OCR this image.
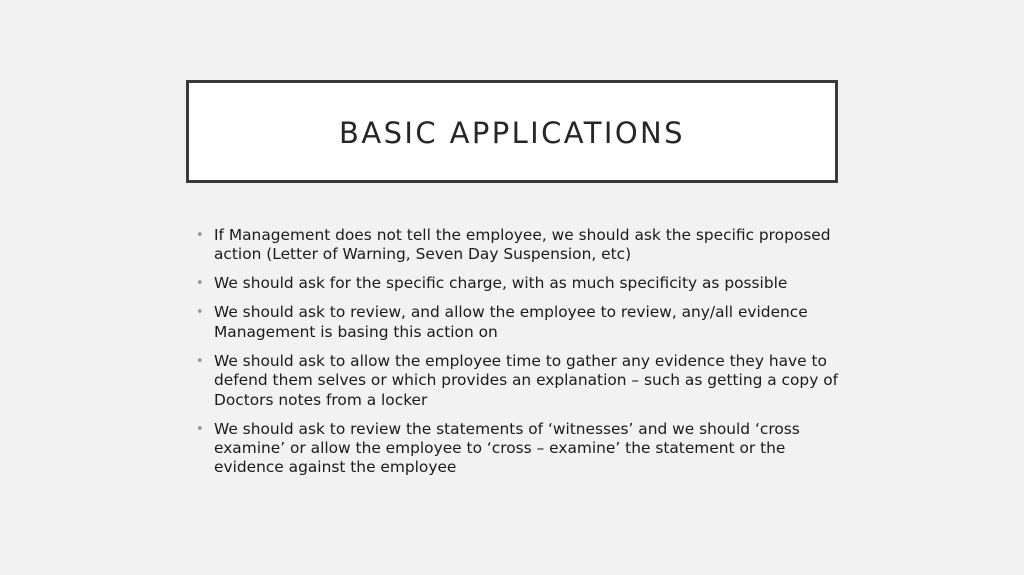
BASIC APPLICATIONS
• If Management does not tell the employee, we should ask the specific proposed action (Letter of Warning, Seven Day Suspension, etc)
• We should ask for the specific charge, with as much specificity as possible
• We should ask to review, and allow the employee to review, any/all evidence Management is basing this action on
• We should ask to allow the employee time to gather any evidence they have to defend them selves or which provides an explanation – such as getting a copy of Doctors notes from a locker
• We should ask to review the statements of ‘witnesses’ and we should ‘cross examine’ or allow the employee to ‘cross – examine’ the statement or the evidence against the employee
